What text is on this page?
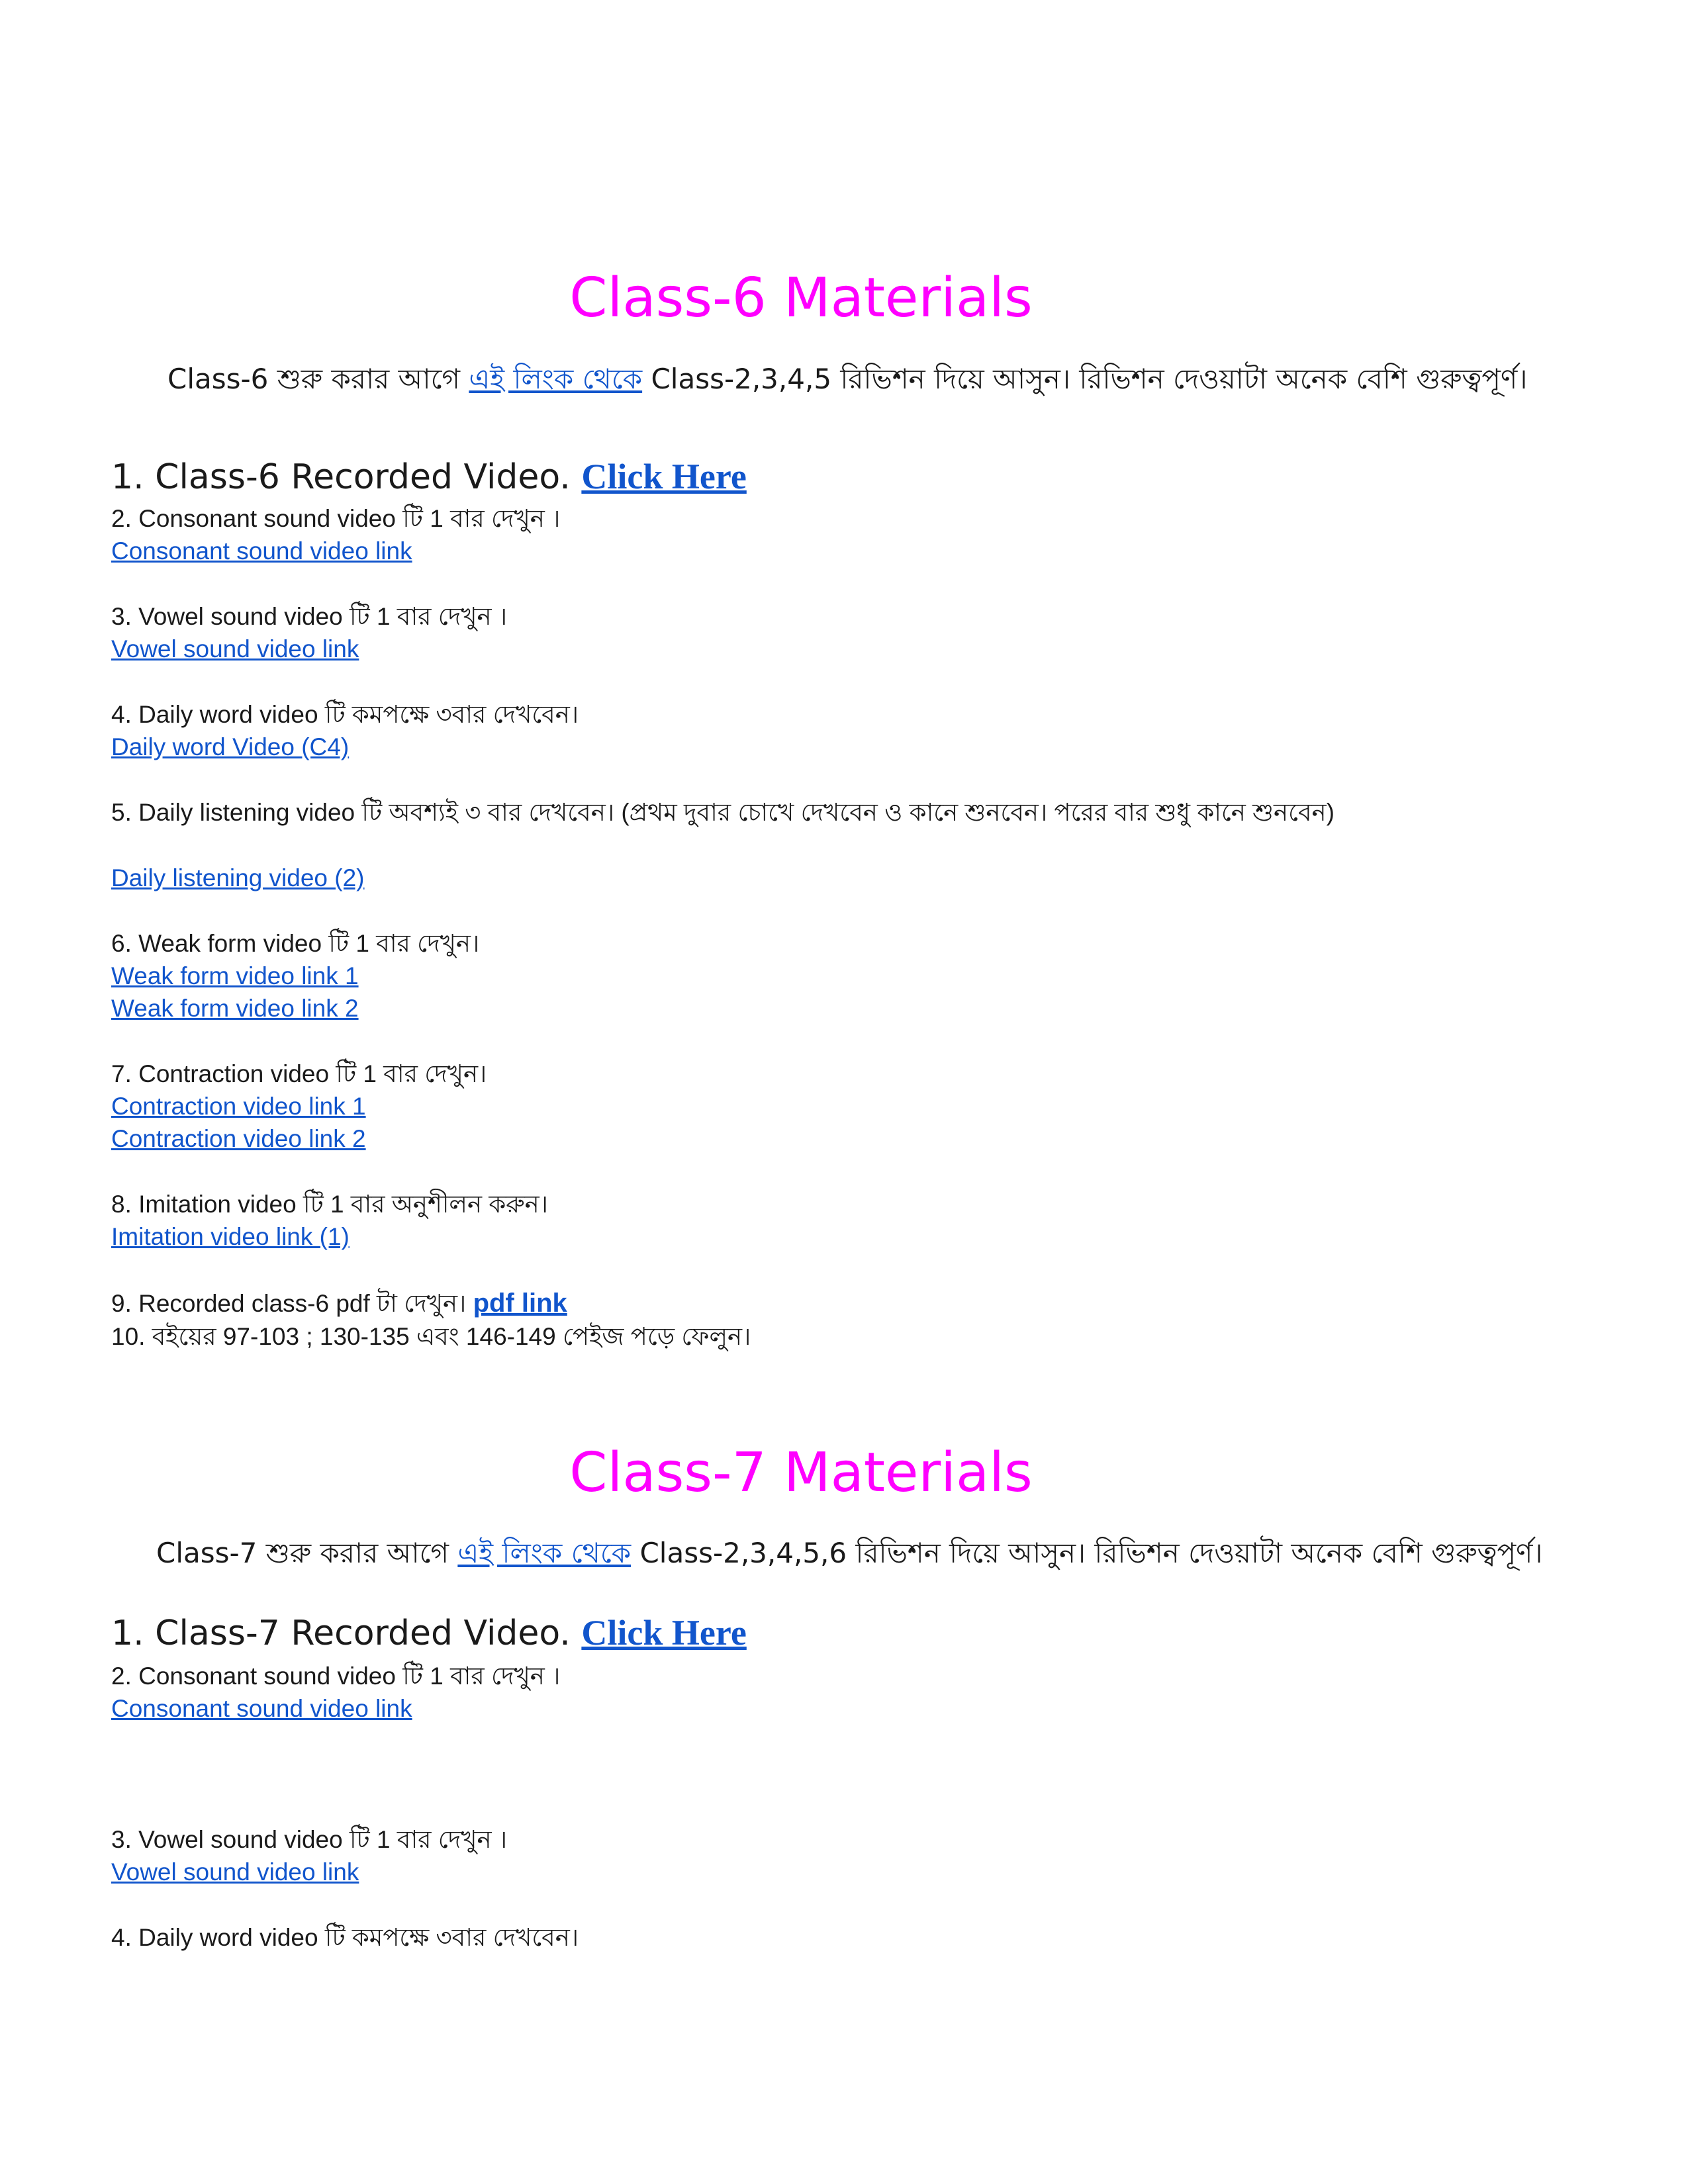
Class-6 Materials
Class-6 শুরু করার আগে এই লিংক থেকে Class-2,3,4,5 রিভিশন দিয়ে আসুন। রিভিশন দেওয়াটা অনেক বেশি গুরুত্বপূর্ণ।
1. Class-6 Recorded Video. Click Here
2. Consonant sound video টি 1 বার দেখুন ।
Consonant sound video link
3. Vowel sound video টি 1 বার দেখুন ।
Vowel sound video link
4. Daily word video টি কমপক্ষে ৩বার দেখবেন।
Daily word Video (C4)
5. Daily listening video টি অবশ্যই ৩ বার দেখবেন। (প্রথম দুবার চোখে দেখবেন ও কানে শুনবেন। পরের বার শুধু কানে শুনবেন)
Daily listening video (2)
6. Weak form video টি 1 বার দেখুন।
Weak form video link 1
Weak form video link 2
7. Contraction video টি 1 বার দেখুন।
Contraction video link 1
Contraction video link 2
8. Imitation video টি 1 বার অনুশীলন করুন।
Imitation video link (1)
9. Recorded class-6 pdf টা দেখুন। pdf link
10. বইয়ের 97-103 ; 130-135 এবং 146-149 পেইজ পড়ে ফেলুন।
Class-7 Materials
Class-7 শুরু করার আগে এই লিংক থেকে Class-2,3,4,5,6 রিভিশন দিয়ে আসুন। রিভিশন দেওয়াটা অনেক বেশি গুরুত্বপূর্ণ।
1. Class-7 Recorded Video. Click Here
2. Consonant sound video টি 1 বার দেখুন ।
Consonant sound video link
3. Vowel sound video টি 1 বার দেখুন ।
Vowel sound video link
4. Daily word video টি কমপক্ষে ৩বার দেখবেন।
